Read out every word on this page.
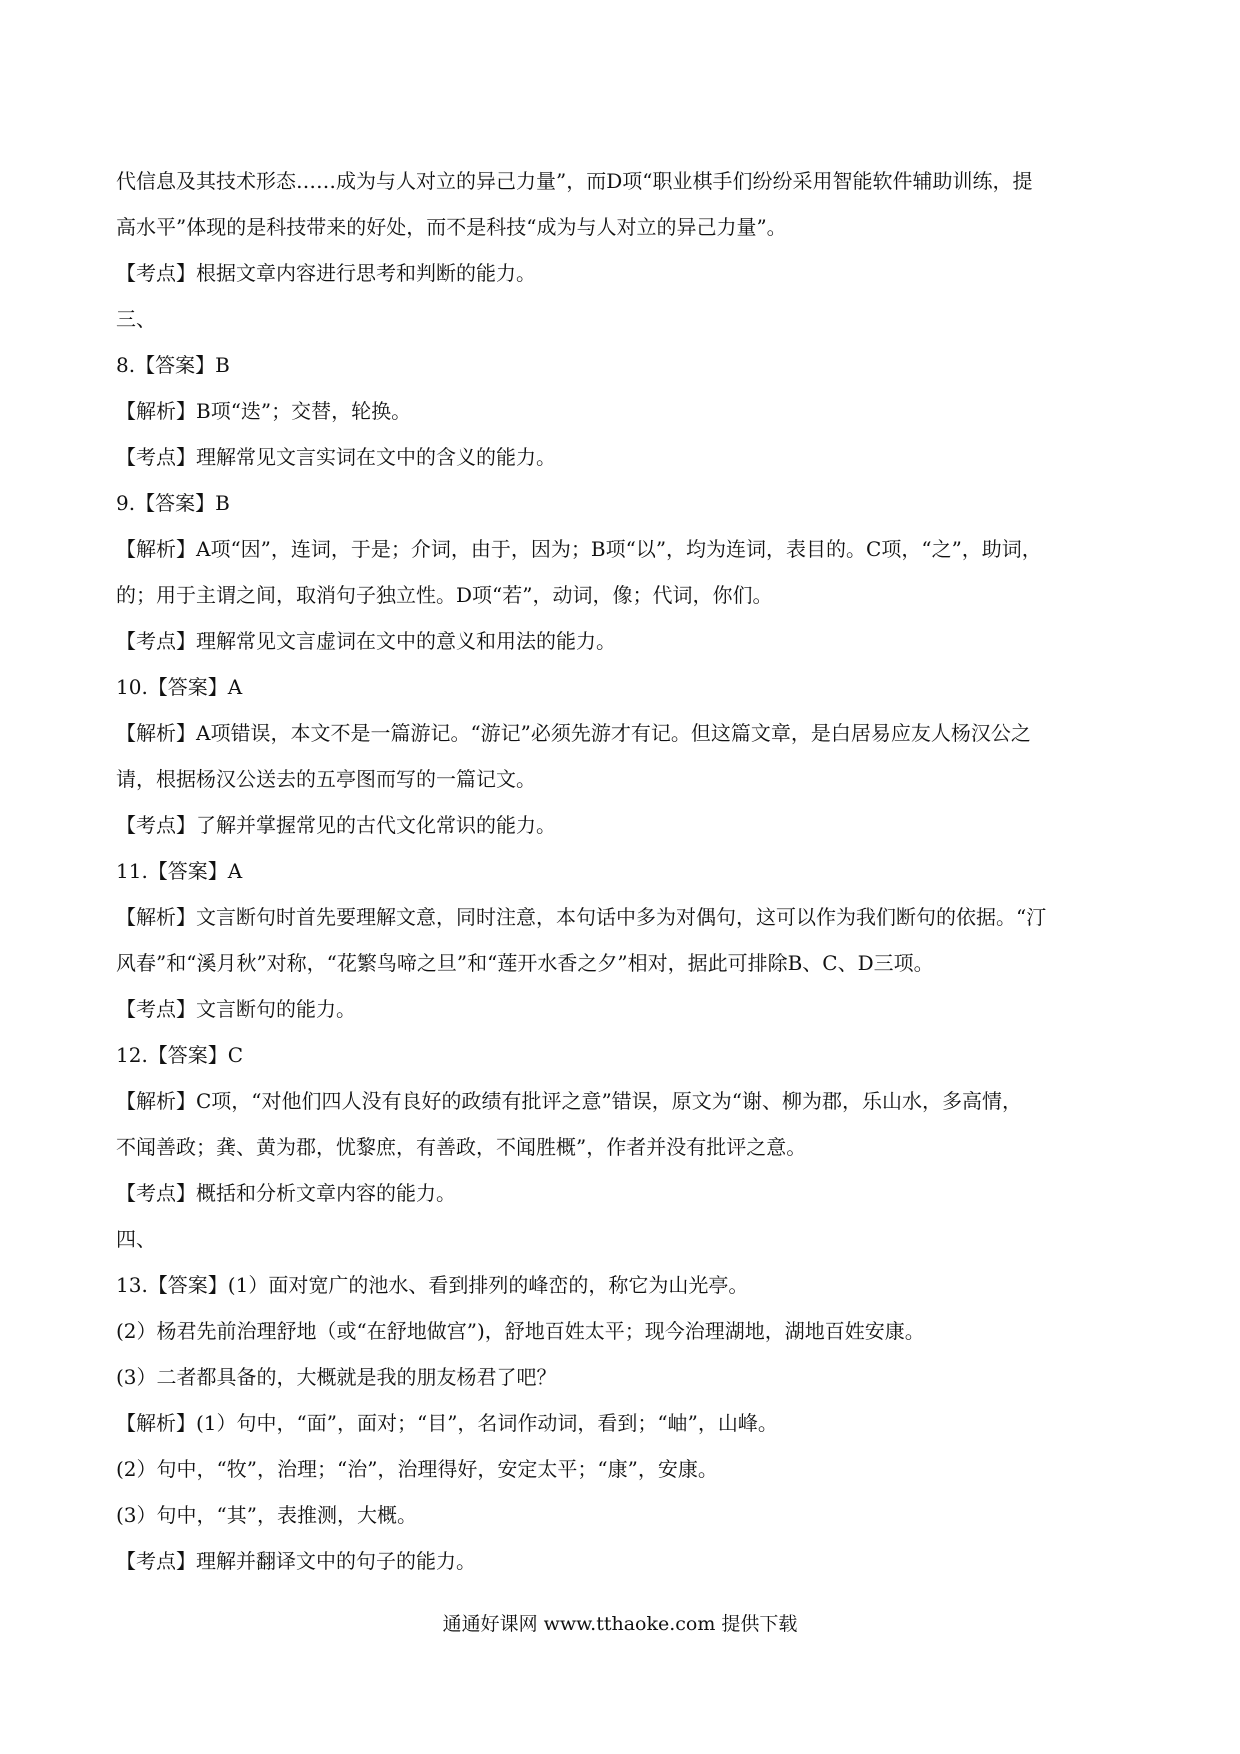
代信息及其技术形态……成为与人对立的异己力量”，而D项“职业棋手们纷纷采用智能软件辅助训练，提
高水平”体现的是科技带来的好处，而不是科技“成为与人对立的异己力量”。
【考点】根据文章内容进行思考和判断的能力。
三、
8.【答案】B
【解析】B项“迭”；交替，轮换。
【考点】理解常见文言实词在文中的含义的能力。
9.【答案】B
【解析】A项“因”，连词，于是；介词，由于，因为；B项“以”，均为连词，表目的。C项，“之”，助词，
的；用于主谓之间，取消句子独立性。D项“若”，动词，像；代词，你们。
【考点】理解常见文言虚词在文中的意义和用法的能力。
10.【答案】A
【解析】A项错误，本文不是一篇游记。“游记”必须先游才有记。但这篇文章，是白居易应友人杨汉公之
请，根据杨汉公送去的五亭图而写的一篇记文。
【考点】了解并掌握常见的古代文化常识的能力。
11.【答案】A
【解析】文言断句时首先要理解文意，同时注意，本句话中多为对偶句，这可以作为我们断句的依据。“汀
风春”和“溪月秋”对称，“花繁鸟啼之旦”和“莲开水香之夕”相对，据此可排除B、C、D三项。
【考点】文言断句的能力。
12.【答案】C
【解析】C项，“对他们四人没有良好的政绩有批评之意”错误，原文为“谢、柳为郡，乐山水，多高情，
不闻善政；龚、黄为郡，忧黎庶，有善政，不闻胜概”，作者并没有批评之意。
【考点】概括和分析文章内容的能力。
四、
13.【答案】(1）面对宽广的池水、看到排列的峰峦的，称它为山光亭。
(2）杨君先前治理舒地（或“在舒地做宫”)，舒地百姓太平；现今治理湖地，湖地百姓安康。
(3）二者都具备的，大概就是我的朋友杨君了吧？
【解析】(1）句中，“面”，面对；“目”，名词作动词，看到；“岫”，山峰。
(2）句中，“牧”，治理；“治”，治理得好，安定太平；“康”，安康。
(3）句中，“其”，表推测，大概。
【考点】理解并翻译文中的句子的能力。
通通好课网 www.tthaoke.com 提供下载
